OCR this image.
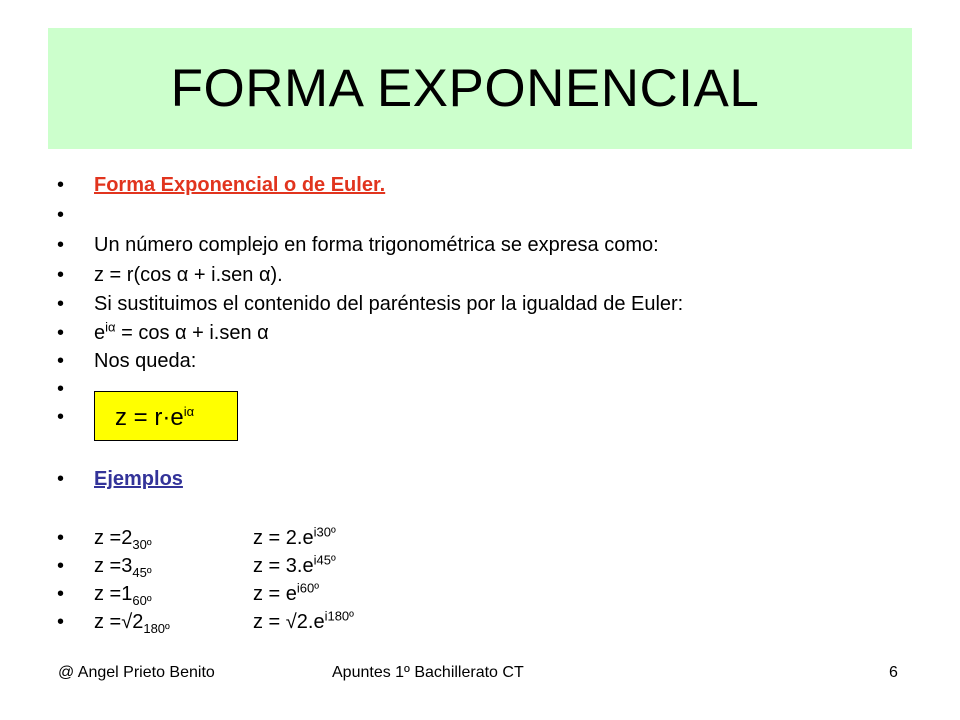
FORMA EXPONENCIAL
• Forma Exponencial o de Euler.
•
• Un número complejo en forma trigonométrica se expresa como:
• z = r(cos α + i.sen α).
• Si sustituimos el contenido del paréntesis por la igualdad de Euler:
• $e^{i\alpha} = \cos \alpha + i.sen$ α
• Nos queda:
•
• $z = r\cdot e^{i\alpha}$
• Ejemplos
• $z =2_{30º}$	$z = 2.e^{i30º}$
• $z =3_{45º}$	$z = 3.e^{i45º}$
• $z =1_{60º}$	$z = e^{i60º}$
• $z =√2_{180º}$	$z = √2.e^{i180º}$
@ Angel Prieto Benito	Apuntes 1º Bachillerato CT	6
